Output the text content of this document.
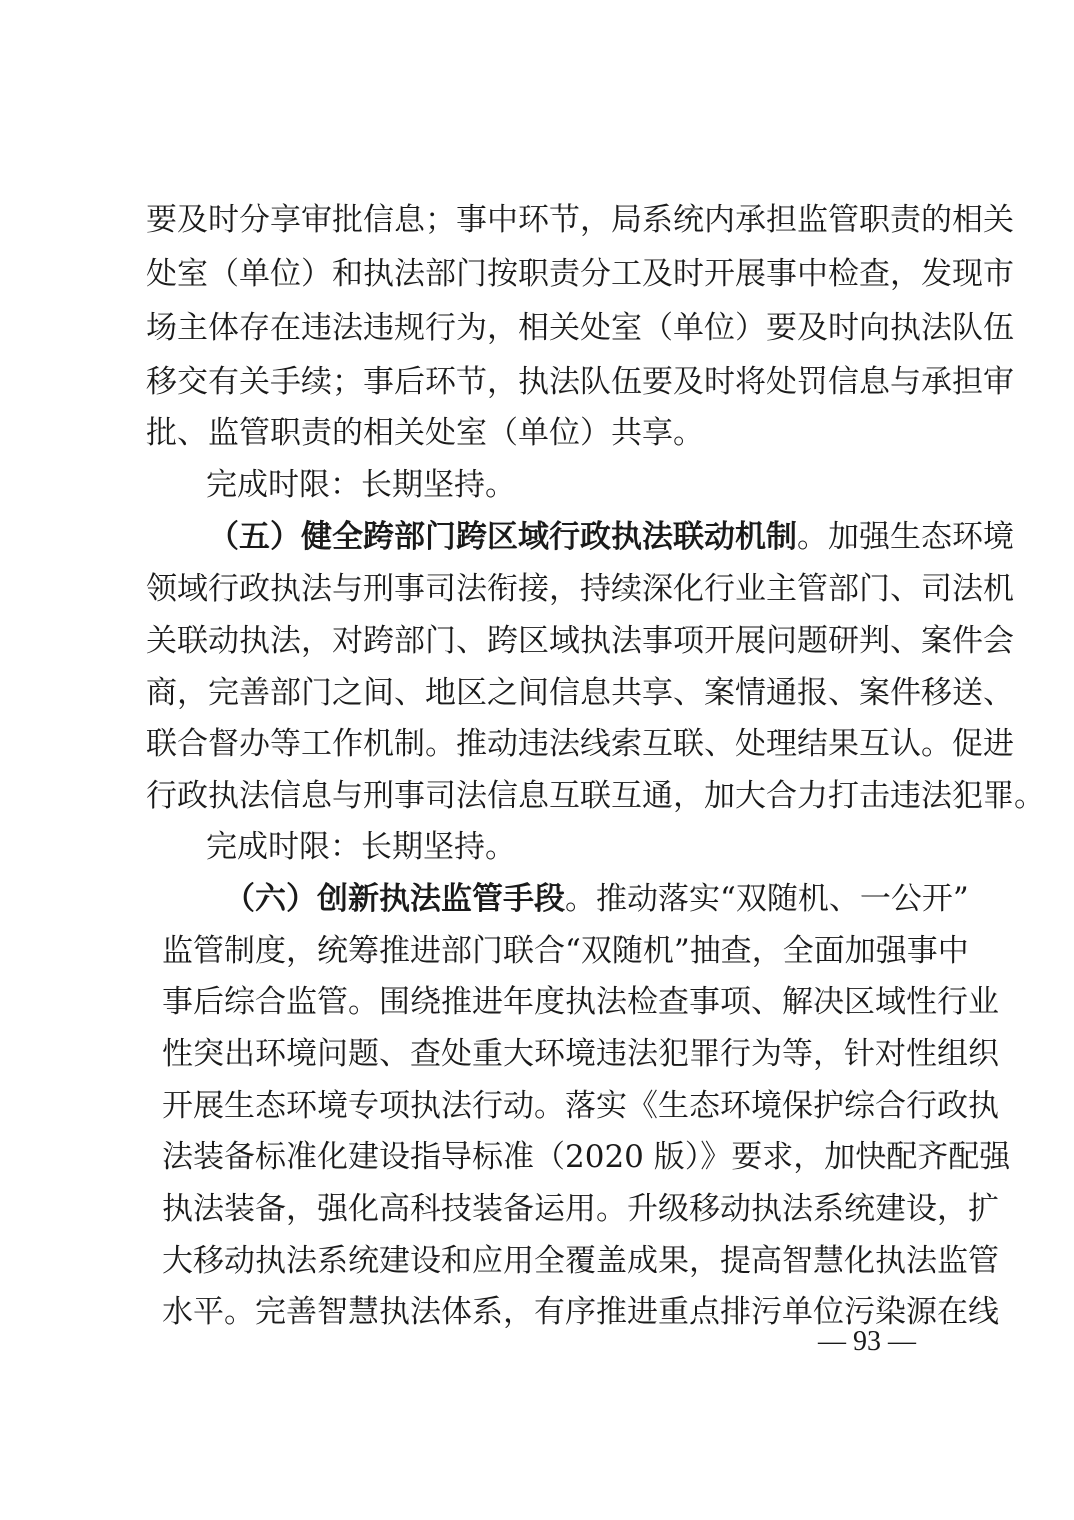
要及时分享审批信息；事中环节，局系统内承担监管职责的相关
处室（单位）和执法部门按职责分工及时开展事中检查，发现市
场主体存在违法违规行为，相关处室（单位）要及时向执法队伍
移交有关手续；事后环节，执法队伍要及时将处罚信息与承担审
批、监管职责的相关处室（单位）共享。
完成时限：长期坚持。
（五）健全跨部门跨区域行政执法联动机制。加强生态环境
领域行政执法与刑事司法衔接，持续深化行业主管部门、司法机
关联动执法，对跨部门、跨区域执法事项开展问题研判、案件会
商，完善部门之间、地区之间信息共享、案情通报、案件移送、
联合督办等工作机制。推动违法线索互联、处理结果互认。促进
行政执法信息与刑事司法信息互联互通，加大合力打击违法犯罪。
完成时限：长期坚持。
（六）创新执法监管手段。推动落实“双随机、一公开”
监管制度，统筹推进部门联合“双随机”抽查，全面加强事中
事后综合监管。围绕推进年度执法检查事项、解决区域性行业
性突出环境问题、查处重大环境违法犯罪行为等，针对性组织
开展生态环境专项执法行动。落实《生态环境保护综合行政执
法装备标准化建设指导标准（2020 版）》要求，加快配齐配强
执法装备，强化高科技装备运用。升级移动执法系统建设，扩
大移动执法系统建设和应用全覆盖成果，提高智慧化执法监管
水平。完善智慧执法体系，有序推进重点排污单位污染源在线
— 93 —
